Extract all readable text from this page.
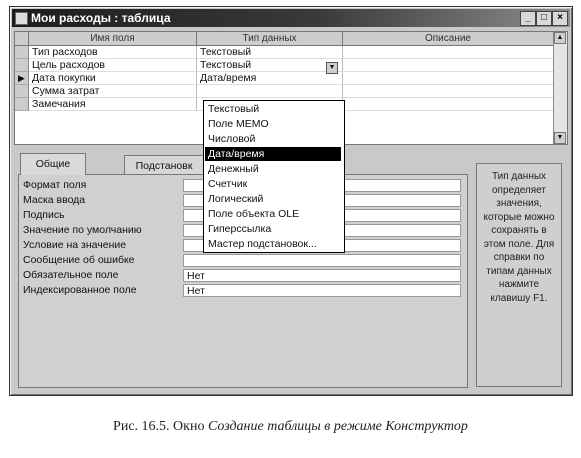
Мои расходы : таблица	_	□	×
Имя поля	Тип данных	Описание
Тип расходов	Текстовый
Цель расходов	Текстовый
▶ Дата покупки	Дата/время
Сумма затрат
Замечания
▲
▼
▼
Текстовый
Поле МЕМО
Числовой
Дата/время
Денежный
Счетчик
Логический
Поле объекта OLE
Гиперссылка
Мастер подстановок...
Общие	Подстановк
Формат поля
Маска ввода
Подпись
Значение по умолчанию
Условие на значение
Сообщение об ошибке
Обязательное поле	Нет
Индексированное поле	Нет
Тип данных определяет значения, которые можно сохранять в этом поле. Для справки по типам данных нажмите клавишу F1.
Рис. 16.5. Окно Создание таблицы в режиме Конструктор
